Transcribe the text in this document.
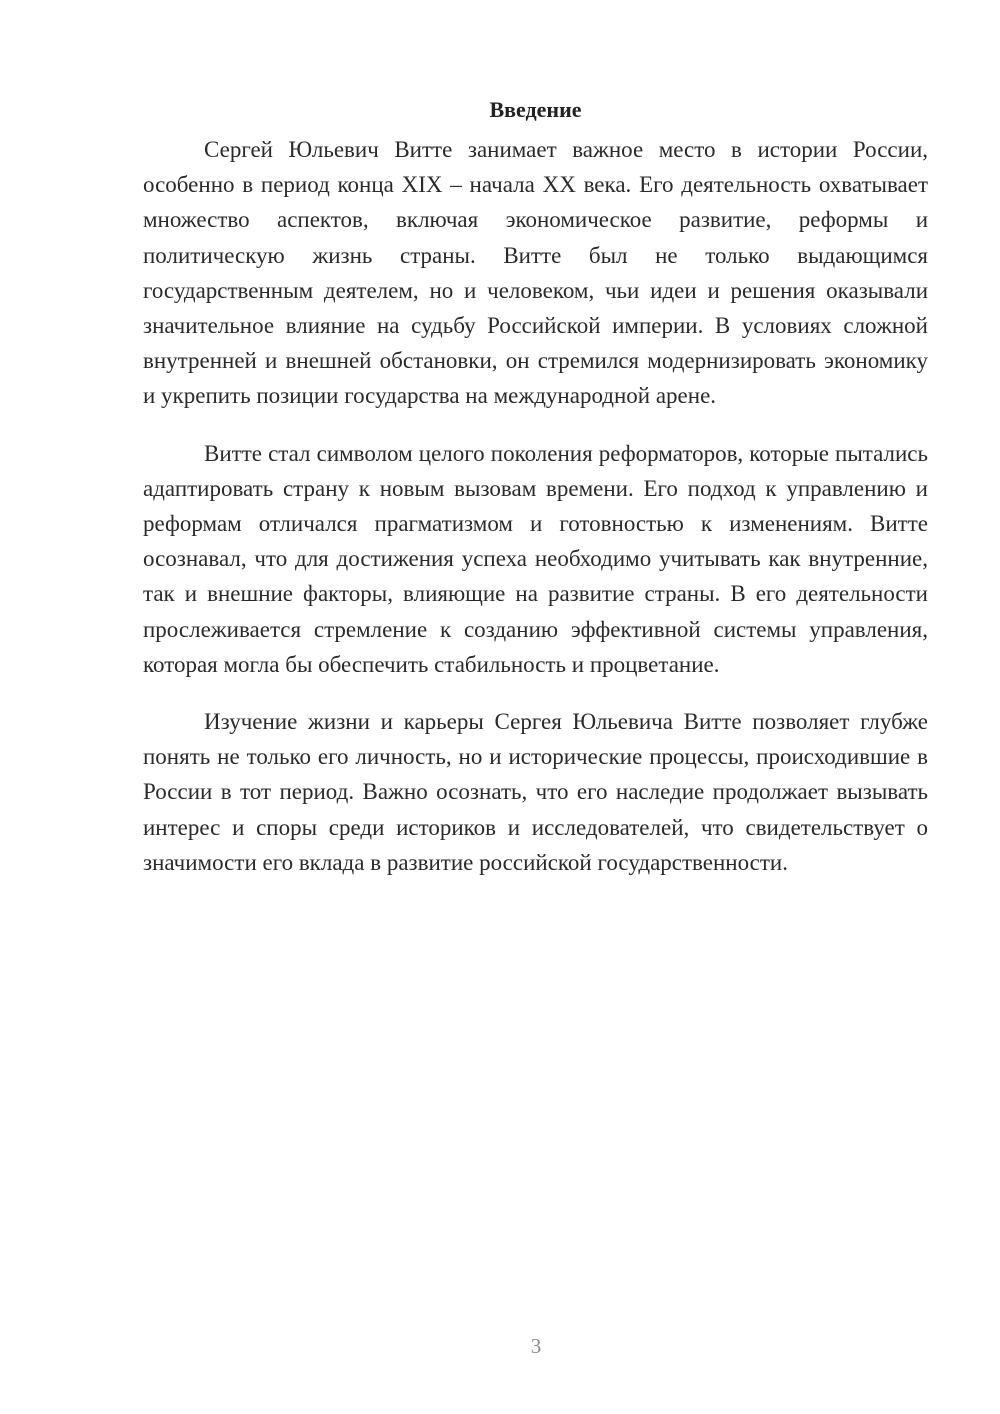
Введение

Сергей Юльевич Витте занимает важное место в истории России, особенно в период конца XIX – начала XX века. Его деятельность охватывает множество аспектов, включая экономическое развитие, реформы и политическую жизнь страны. Витте был не только выдающимся государственным деятелем, но и человеком, чьи идеи и решения оказывали значительное влияние на судьбу Российской империи. В условиях сложной внутренней и внешней обстановки, он стремился модернизировать экономику и укрепить позиции государства на международной арене.

Витте стал символом целого поколения реформаторов, которые пытались адаптировать страну к новым вызовам времени. Его подход к управлению и реформам отличался прагматизмом и готовностью к изменениям. Витте осознавал, что для достижения успеха необходимо учитывать как внутренние, так и внешние факторы, влияющие на развитие страны. В его деятельности прослеживается стремление к созданию эффективной системы управления, которая могла бы обеспечить стабильность и процветание.

Изучение жизни и карьеры Сергея Юльевича Витте позволяет глубже понять не только его личность, но и исторические процессы, происходившие в России в тот период. Важно осознать, что его наследие продолжает вызывать интерес и споры среди историков и исследователей, что свидетельствует о значимости его вклада в развитие российской государственности.

3
